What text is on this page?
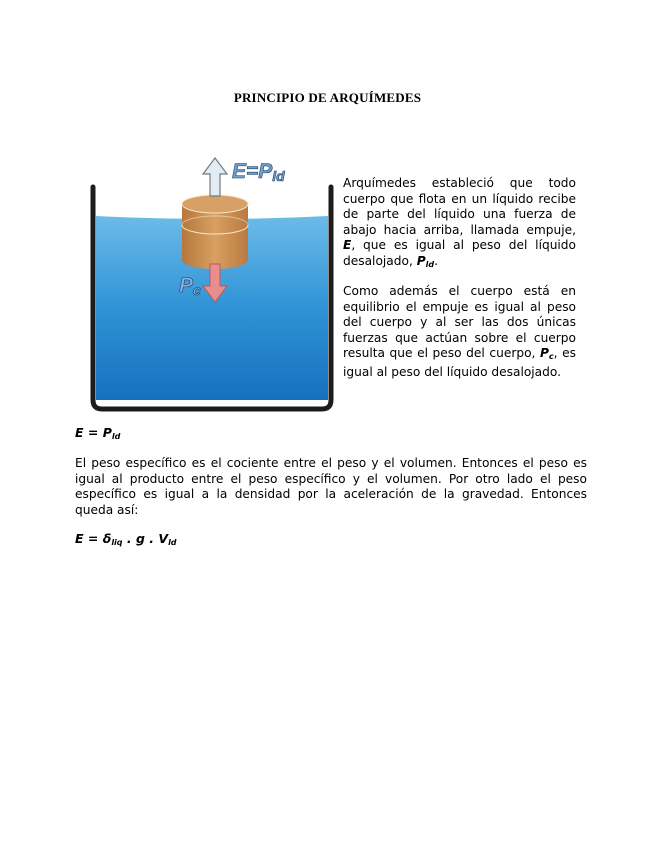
PRINCIPIO DE ARQUÍMEDES
E=Pld
Pc

Arquímedes estableció que todo cuerpo que flota en un líquido recibe de parte del líquido una fuerza de abajo hacia arriba, llamada empuje, E, que es igual al peso del líquido desalojado, $P_{ld}$.

Como además el cuerpo está en equilibrio el empuje es igual al peso del cuerpo y al ser las dos únicas fuerzas que actúan sobre el cuerpo resulta que el peso del cuerpo, $P_c$, es igual al peso del líquido desalojado.

$E = P_{ld}$

El peso específico es el cociente entre el peso y el volumen. Entonces el peso es igual al producto entre el peso específico y el volumen. Por otro lado el peso específico es igual a la densidad por la aceleración de la gravedad. Entonces queda así:

$E = \delta_{liq}$ . g . $V_{ld}$
